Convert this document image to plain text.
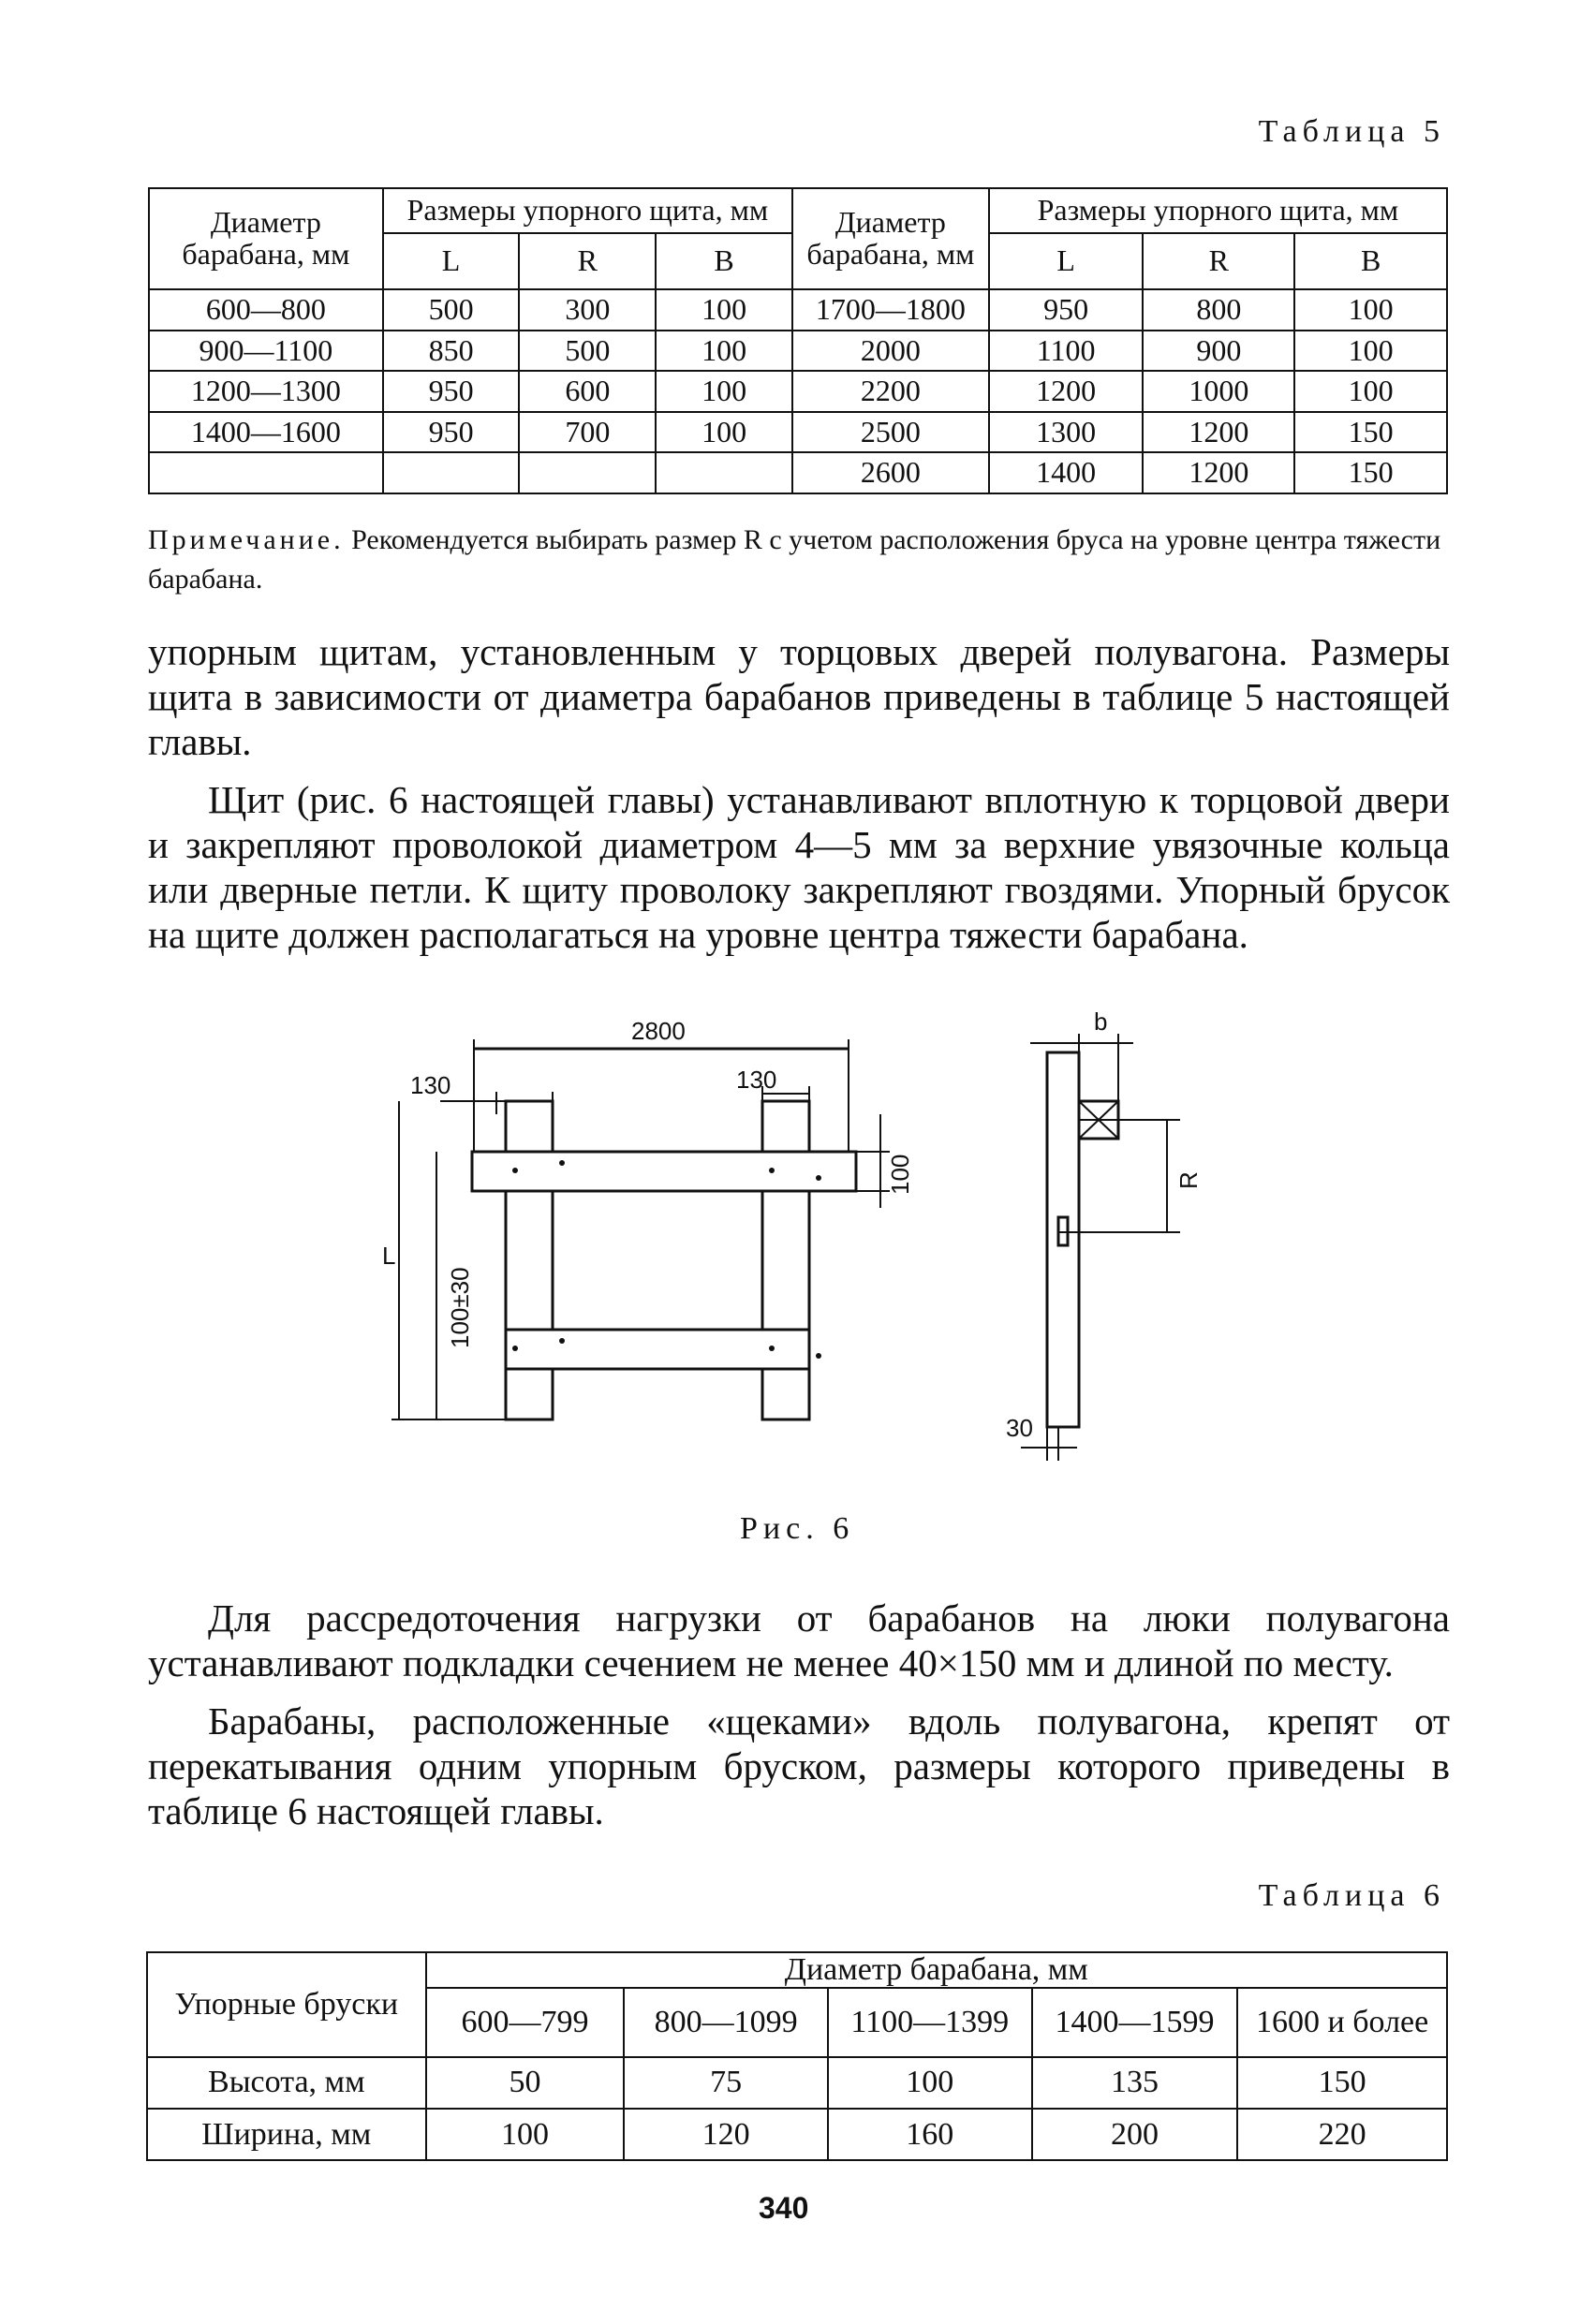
Таблица 5
Диаметр барабана, мм	Размеры упорного щита, мм			Диаметр барабана, мм	Размеры упорного щита, мм		
	L	R	B		L	R	B
600—800	500	300	100	1700—1800	950	800	100
900—1100	850	500	100	2000	1100	900	100
1200—1300	950	600	100	2200	1200	1000	100
1400—1600	950	700	100	2500	1300	1200	150
				2600	1400	1200	150
Примечание. Рекомендуется выбирать размер R с учетом расположения бруса на уровне центра тяжести барабана.

упорным щитам, установленным у торцовых дверей полувагона. Размеры щита в зависимости от диаметра барабанов приведены в таблице 5 настоящей главы.

Щит (рис. 6 настоящей главы) устанавливают вплотную к торцовой двери и закрепляют проволокой диаметром 4—5 мм за верхние увязочные кольца или дверные петли. К щиту проволоку закрепляют гвоздями. Упорный брусок на щите должен располагаться на уровне центра тяжести барабана.

2800
130	130
L
100±30
100
b
R
30
Рис. 6

Для рассредоточения нагрузки от барабанов на люки полувагона устанавливают подкладки сечением не менее 40×150 мм и длиной по месту.

Барабаны, расположенные «щеками» вдоль полувагона, крепят от перекатывания одним упорным бруском, размеры которого приведены в таблице 6 настоящей главы.

Таблица 6
Упорные бруски	Диаметр барабана, мм				
	600—799	800—1099	1100—1399	1400—1599	1600 и более
Высота, мм	50	75	100	135	150
Ширина, мм	100	120	160	200	220
340
